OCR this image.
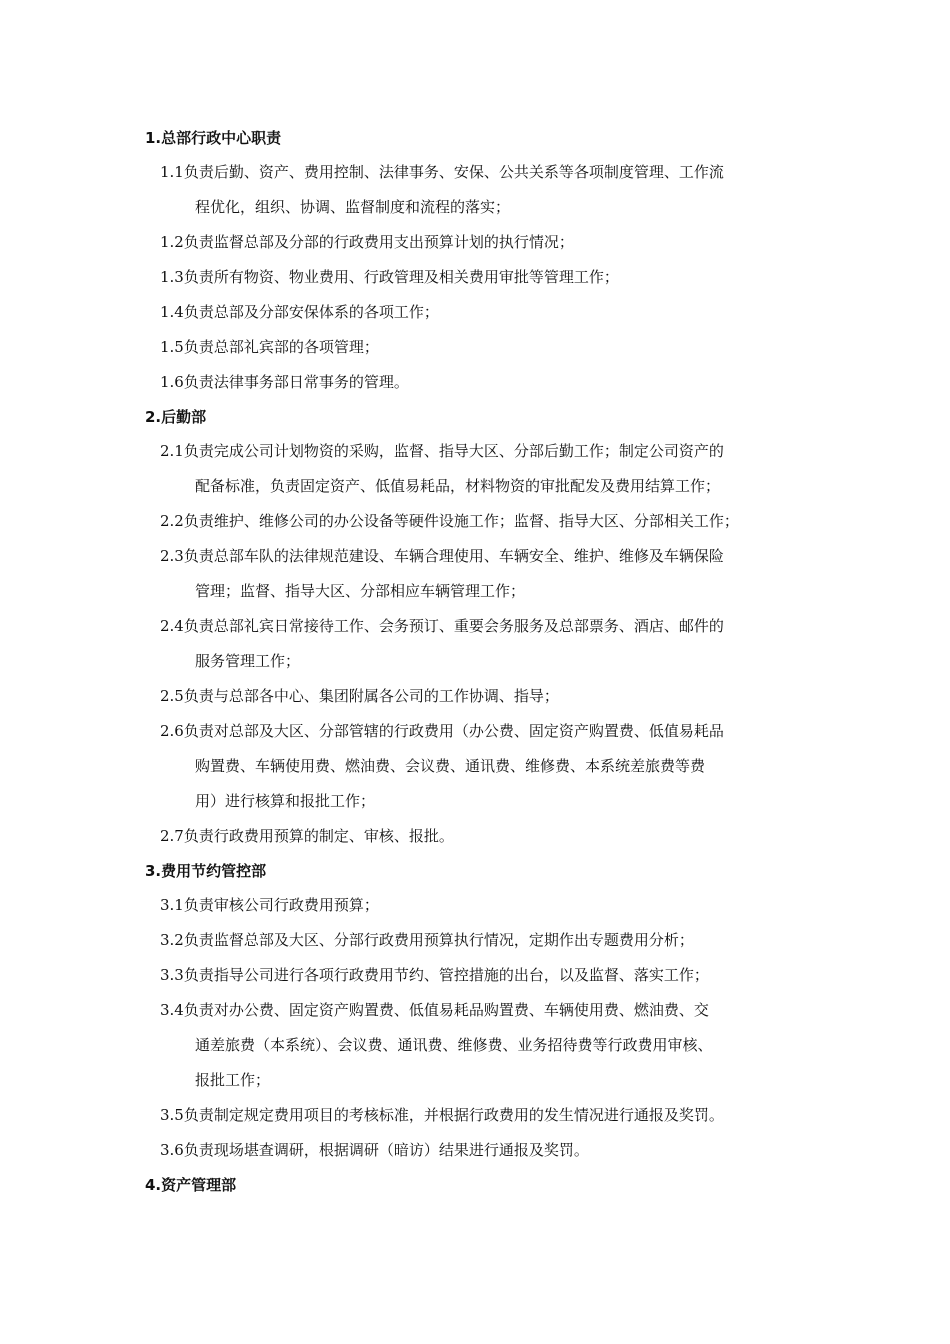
1.总部行政中心职责
1.1负责后勤、资产、费用控制、法律事务、安保、公共关系等各项制度管理、工作流
程优化，组织、协调、监督制度和流程的落实；
1.2负责监督总部及分部的行政费用支出预算计划的执行情况；
1.3负责所有物资、物业费用、行政管理及相关费用审批等管理工作；
1.4负责总部及分部安保体系的各项工作；
1.5负责总部礼宾部的各项管理；
1.6负责法律事务部日常事务的管理。
2.后勤部
2.1负责完成公司计划物资的采购，监督、指导大区、分部后勤工作；制定公司资产的
配备标准，负责固定资产、低值易耗品，材料物资的审批配发及费用结算工作；
2.2负责维护、维修公司的办公设备等硬件设施工作；监督、指导大区、分部相关工作；
2.3负责总部车队的法律规范建设、车辆合理使用、车辆安全、维护、维修及车辆保险
管理；监督、指导大区、分部相应车辆管理工作；
2.4负责总部礼宾日常接待工作、会务预订、重要会务服务及总部票务、酒店、邮件的
服务管理工作；
2.5负责与总部各中心、集团附属各公司的工作协调、指导；
2.6负责对总部及大区、分部管辖的行政费用（办公费、固定资产购置费、低值易耗品
购置费、车辆使用费、燃油费、会议费、通讯费、维修费、本系统差旅费等费
用）进行核算和报批工作；
2.7负责行政费用预算的制定、审核、报批。
3.费用节约管控部
3.1负责审核公司行政费用预算；
3.2负责监督总部及大区、分部行政费用预算执行情况，定期作出专题费用分析；
3.3负责指导公司进行各项行政费用节约、管控措施的出台，以及监督、落实工作；
3.4负责对办公费、固定资产购置费、低值易耗品购置费、车辆使用费、燃油费、交
通差旅费（本系统）、会议费、通讯费、维修费、业务招待费等行政费用审核、
报批工作；
3.5负责制定规定费用项目的考核标准，并根据行政费用的发生情况进行通报及奖罚。
3.6负责现场堪查调研，根据调研（暗访）结果进行通报及奖罚。
4.资产管理部
